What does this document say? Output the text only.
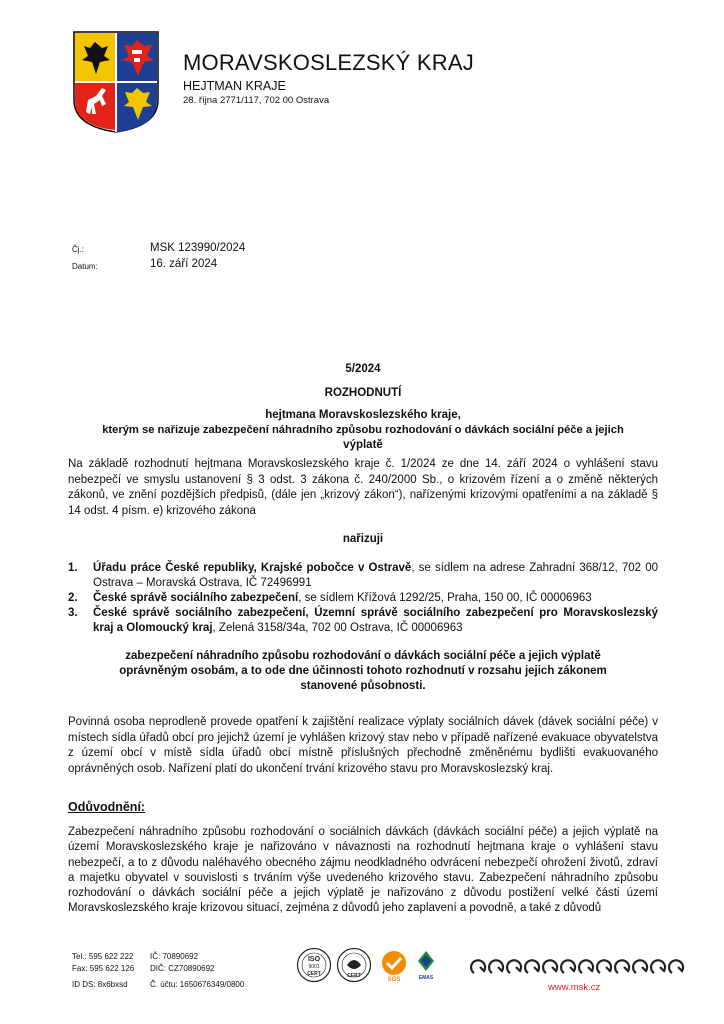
MORAVSKOSLEZSKÝ KRAJ
HEJTMAN KRAJE
28. října 2771/117, 702 00 Ostrava
Čj.:	MSK 123990/2024
Datum:	16. září 2024
5/2024
ROZHODNUTÍ
hejtmana Moravskoslezského kraje,
kterým se nařizuje zabezpečení náhradního způsobu rozhodování o dávkách sociální péče a jejich
výplatě
Na základě rozhodnutí hejtmana Moravskoslezského kraje č. 1/2024 ze dne 14. září 2024 o vyhlášení stavu nebezpečí ve smyslu ustanovení § 3 odst. 3 zákona č. 240/2000 Sb., o krizovém řízení a o změně některých zákonů, ve znění pozdějších předpisů, (dále jen „krizový zákon“), nařízenými krizovými opatřeními a na základě § 14 odst. 4 písm. e) krizového zákona
nařizuji
1. Úřadu práce České republiky, Krajské pobočce v Ostravě, se sídlem na adrese Zahradní 368/12, 702 00 Ostrava – Moravská Ostrava, IČ 72496991
2. České správě sociálního zabezpečení, se sídlem Křížová 1292/25, Praha, 150 00, IČ 00006963
3. České správě sociálního zabezpečení, Územní správě sociálního zabezpečení pro Moravskoslezský kraj a Olomoucký kraj, Zelená 3158/34a, 702 00 Ostrava, IČ 00006963
zabezpečení náhradního způsobu rozhodování o dávkách sociální péče a jejich výplatě
oprávněným osobám, a to ode dne účinnosti tohoto rozhodnutí v rozsahu jejich zákonem
stanovené působnosti.
Povinná osoba neprodleně provede opatření k zajištění realizace výplaty sociálních dávek (dávek sociální péče) v místech sídla úřadů obcí pro jejichž území je vyhlášen krizový stav nebo v případě nařízené evakuace obyvatelstva z území obcí v místě sídla úřadů obcí místně příslušných přechodně změněnému bydlišti evakuovaného oprávněných osob. Nařízení platí do ukončení trvání krizového stavu pro Moravskoslezský kraj.
Odůvodnění:
Zabezpečení náhradního způsobu rozhodování o sociálních dávkách (dávkách sociální péče) a jejich výplatě na území Moravskoslezského kraje je nařizováno v návaznosti na rozhodnutí hejtmana kraje o vyhlášení stavu nebezpečí, a to z důvodu naléhavého obecného zájmu neodkladného odvrácení nebezpečí ohrožení životů, zdraví a majetku obyvatel v souvislosti s trváním výše uvedeného krizového stavu. Zabezpečení náhradního způsobu rozhodování o dávkách sociální péče a jejich výplatě je nařizováno z důvodu postižení velké části území Moravskoslezského kraje krizovou situací, zejména z důvodů jeho zaplavení a povodně, a také z důvodů
Tel.: 595 622 222 IČ: 70890692
Fax: 595 622 126 DIČ: CZ70890692
ID DS: 8x6bxsd	Č. účtu: 1650676349/0800
ISO
9001
CERT	CERT
SGS	EMAS
www.msk.cz
